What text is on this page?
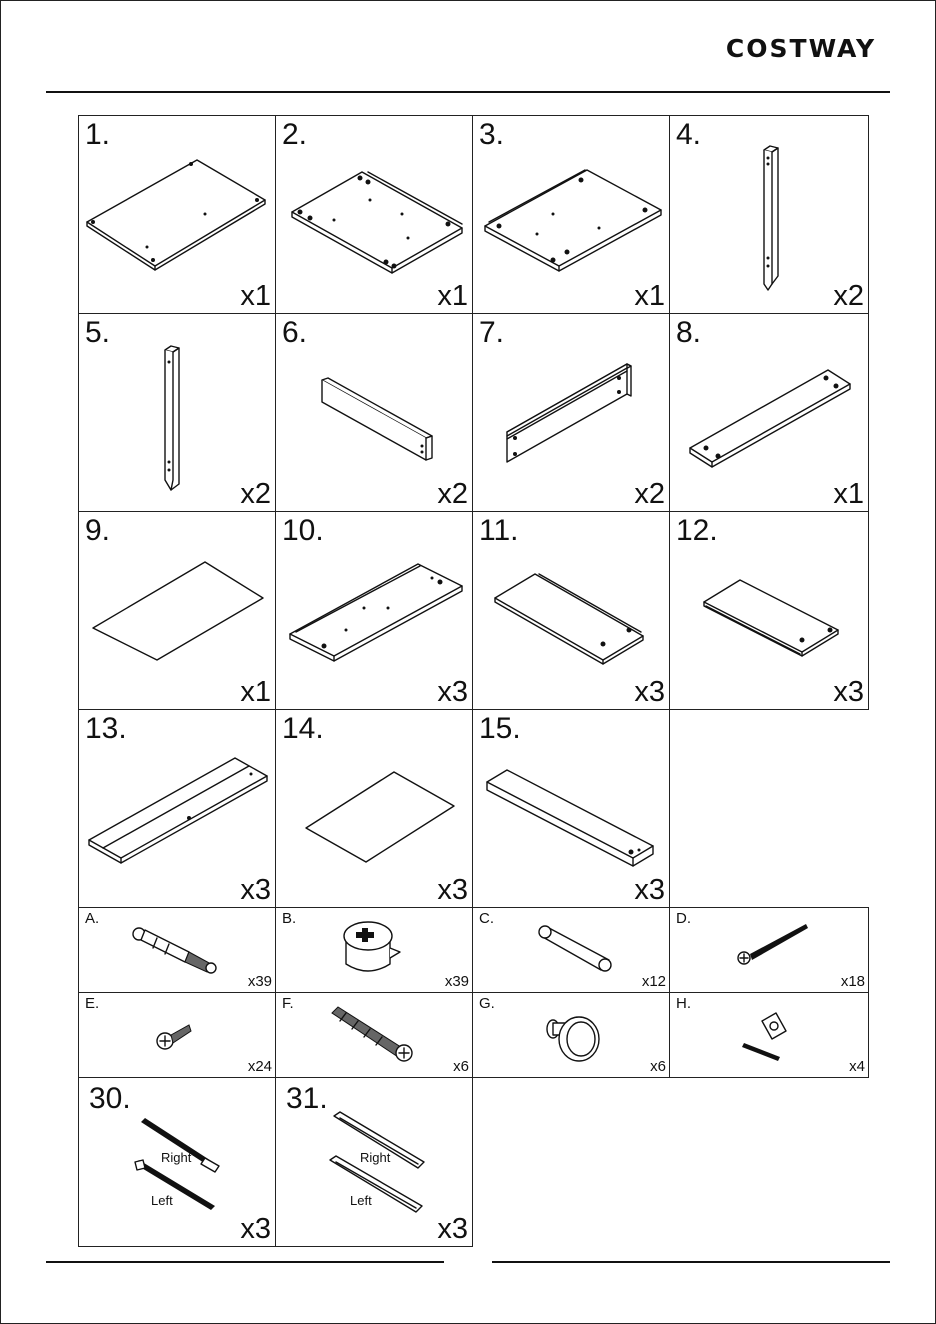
COSTWAY
1.
x1
2.
x1
3.
x1
4.
x2
5.
x2
6.
x2
7.
x2
8.
x1
9.
x1
10.
x3
11.
x3
12.
x3
13.
x3
14.
x3
15.
x3
A.
x39
B.
x39
C.
x12
D.
x18
E.
x24
F.
x6
G.
x6
H.
x4
30.
Right
Left
x3
31.
Right
Left
x3
